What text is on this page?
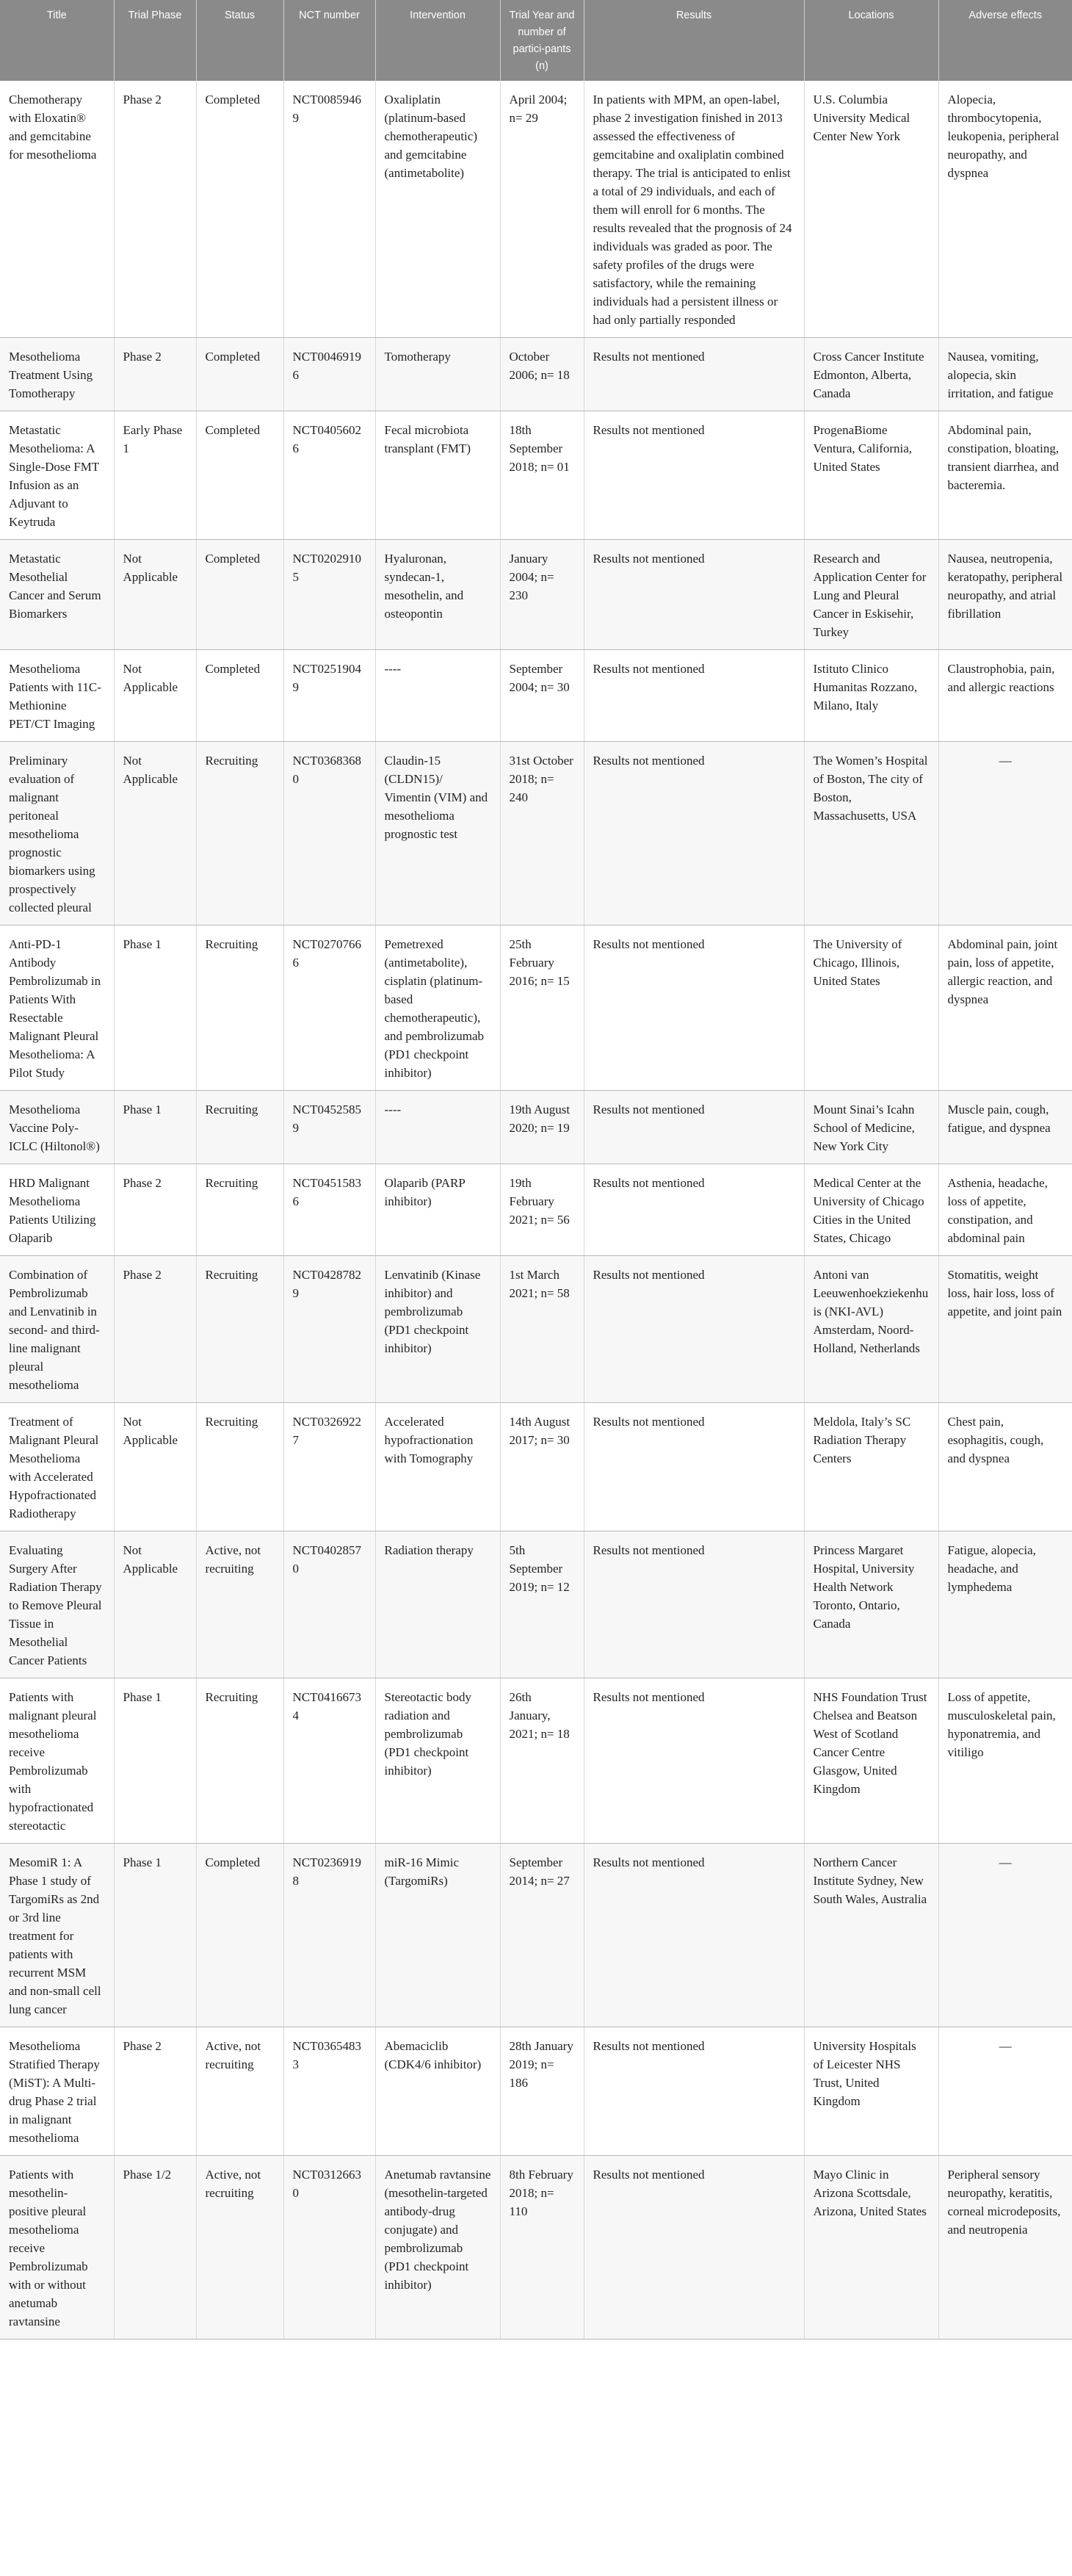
Title	Trial Phase	Status	NCT number	Intervention	Trial Year and number of partici-pants (n)	Results	Locations	Adverse effects
Chemotherapy with Eloxatin® and gemcitabine for mesothelioma	Phase 2	Completed	NCT00859469	Oxaliplatin (platinum-based chemotherapeutic) and gemcitabine (antimetabolite)	April 2004; n= 29	In patients with MPM, an open-label, phase 2 investigation finished in 2013 assessed the effectiveness of gemcitabine and oxaliplatin combined therapy. The trial is anticipated to enlist a total of 29 individuals, and each of them will enroll for 6 months. The results revealed that the prognosis of 24 individuals was graded as poor. The safety profiles of the drugs were satisfactory, while the remaining individuals had a persistent illness or had only partially responded	U.S. Columbia University Medical Center New York	Alopecia, thrombocytopenia, leukopenia, peripheral neuropathy, and dyspnea
Mesothelioma Treatment Using Tomotherapy	Phase 2	Completed	NCT00469196	Tomotherapy	October 2006; n= 18	Results not mentioned	Cross Cancer Institute Edmonton, Alberta, Canada	Nausea, vomiting, alopecia, skin irritation, and fatigue
Metastatic Mesothelioma: A Single-Dose FMT Infusion as an Adjuvant to Keytruda	Early Phase 1	Completed	NCT04056026	Fecal microbiota transplant (FMT)	18th September 2018; n= 01	Results not mentioned	ProgenaBiome Ventura, California, United States	Abdominal pain, constipation, bloating, transient diarrhea, and bacteremia.
Metastatic Mesothelial Cancer and Serum Biomarkers	Not Applicable	Completed	NCT02029105	Hyaluronan, syndecan-1, mesothelin, and osteopontin	January 2004; n= 230	Results not mentioned	Research and Application Center for Lung and Pleural Cancer in Eskisehir, Turkey	Nausea, neutropenia, keratopathy, peripheral neuropathy, and atrial fibrillation
Mesothelioma Patients with 11C-Methionine PET/CT Imaging	Not Applicable	Completed	NCT02519049	----	September 2004; n= 30	Results not mentioned	Istituto Clinico Humanitas Rozzano, Milano, Italy	Claustrophobia, pain, and allergic reactions
Preliminary evaluation of malignant peritoneal mesothelioma prognostic biomarkers using prospectively collected pleural	Not Applicable	Recruiting	NCT03683680	Claudin-15 (CLDN15)/ Vimentin (VIM) and mesothelioma prognostic test	31st October 2018; n= 240	Results not mentioned	The Women’s Hospital of Boston, The city of Boston, Massachusetts, USA	—
Anti-PD-1 Antibody Pembrolizumab in Patients With Resectable Malignant Pleural Mesothelioma: A Pilot Study	Phase 1	Recruiting	NCT02707666	Pemetrexed (antimetabolite), cisplatin (platinum-based chemotherapeutic), and pembrolizumab (PD1 checkpoint inhibitor)	25th February 2016; n= 15	Results not mentioned	The University of Chicago, Illinois, United States	Abdominal pain, joint pain, loss of appetite, allergic reaction, and dyspnea
Mesothelioma Vaccine Poly-ICLC (Hiltonol®)	Phase 1	Recruiting	NCT04525859	----	19th August 2020; n= 19	Results not mentioned	Mount Sinai’s Icahn School of Medicine, New York City	Muscle pain, cough, fatigue, and dyspnea
HRD Malignant Mesothelioma Patients Utilizing Olaparib	Phase 2	Recruiting	NCT04515836	Olaparib (PARP inhibitor)	19th February 2021; n= 56	Results not mentioned	Medical Center at the University of Chicago Cities in the United States, Chicago	Asthenia, headache, loss of appetite, constipation, and abdominal pain
Combination of Pembrolizumab and Lenvatinib in second- and third-line malignant pleural mesothelioma	Phase 2	Recruiting	NCT04287829	Lenvatinib (Kinase inhibitor) and pembrolizumab (PD1 checkpoint inhibitor)	1st March 2021; n= 58	Results not mentioned	Antoni van Leeuwenhoekziekenhuis (NKI-AVL) Amsterdam, Noord-Holland, Netherlands	Stomatitis, weight loss, hair loss, loss of appetite, and joint pain
Treatment of Malignant Pleural Mesothelioma with Accelerated Hypofractionated Radiotherapy	Not Applicable	Recruiting	NCT03269227	Accelerated hypofractionation with Tomography	14th August 2017; n= 30	Results not mentioned	Meldola, Italy’s SC Radiation Therapy Centers	Chest pain, esophagitis, cough, and dyspnea
Evaluating Surgery After Radiation Therapy to Remove Pleural Tissue in Mesothelial Cancer Patients	Not Applicable	Active, not recruiting	NCT04028570	Radiation therapy	5th September 2019; n= 12	Results not mentioned	Princess Margaret Hospital, University Health Network Toronto, Ontario, Canada	Fatigue, alopecia, headache, and lymphedema
Patients with malignant pleural mesothelioma receive Pembrolizumab with hypofractionated stereotactic	Phase 1	Recruiting	NCT04166734	Stereotactic body radiation and pembrolizumab (PD1 checkpoint inhibitor)	26th January, 2021; n= 18	Results not mentioned	NHS Foundation Trust Chelsea and Beatson West of Scotland Cancer Centre Glasgow, United Kingdom	Loss of appetite, musculoskeletal pain, hyponatremia, and vitiligo
MesomiR 1: A Phase 1 study of TargomiRs as 2nd or 3rd line treatment for patients with recurrent MSM and non-small cell lung cancer	Phase 1	Completed	NCT02369198	miR-16 Mimic (TargomiRs)	September 2014; n= 27	Results not mentioned	Northern Cancer Institute Sydney, New South Wales, Australia	—
Mesothelioma Stratified Therapy (MiST): A Multi-drug Phase 2 trial in malignant mesothelioma	Phase 2	Active, not recruiting	NCT03654833	Abemaciclib (CDK4/6 inhibitor)	28th January 2019; n= 186	Results not mentioned	University Hospitals of Leicester NHS Trust, United Kingdom	—
Patients with mesothelin-positive pleural mesothelioma receive Pembrolizumab with or without anetumab ravtansine	Phase 1/2	Active, not recruiting	NCT03126630	Anetumab ravtansine (mesothelin-targeted antibody-drug conjugate) and pembrolizumab (PD1 checkpoint inhibitor)	8th February 2018; n= 110	Results not mentioned	Mayo Clinic in Arizona Scottsdale, Arizona, United States	Peripheral sensory neuropathy, keratitis, corneal microdeposits, and neutropenia
